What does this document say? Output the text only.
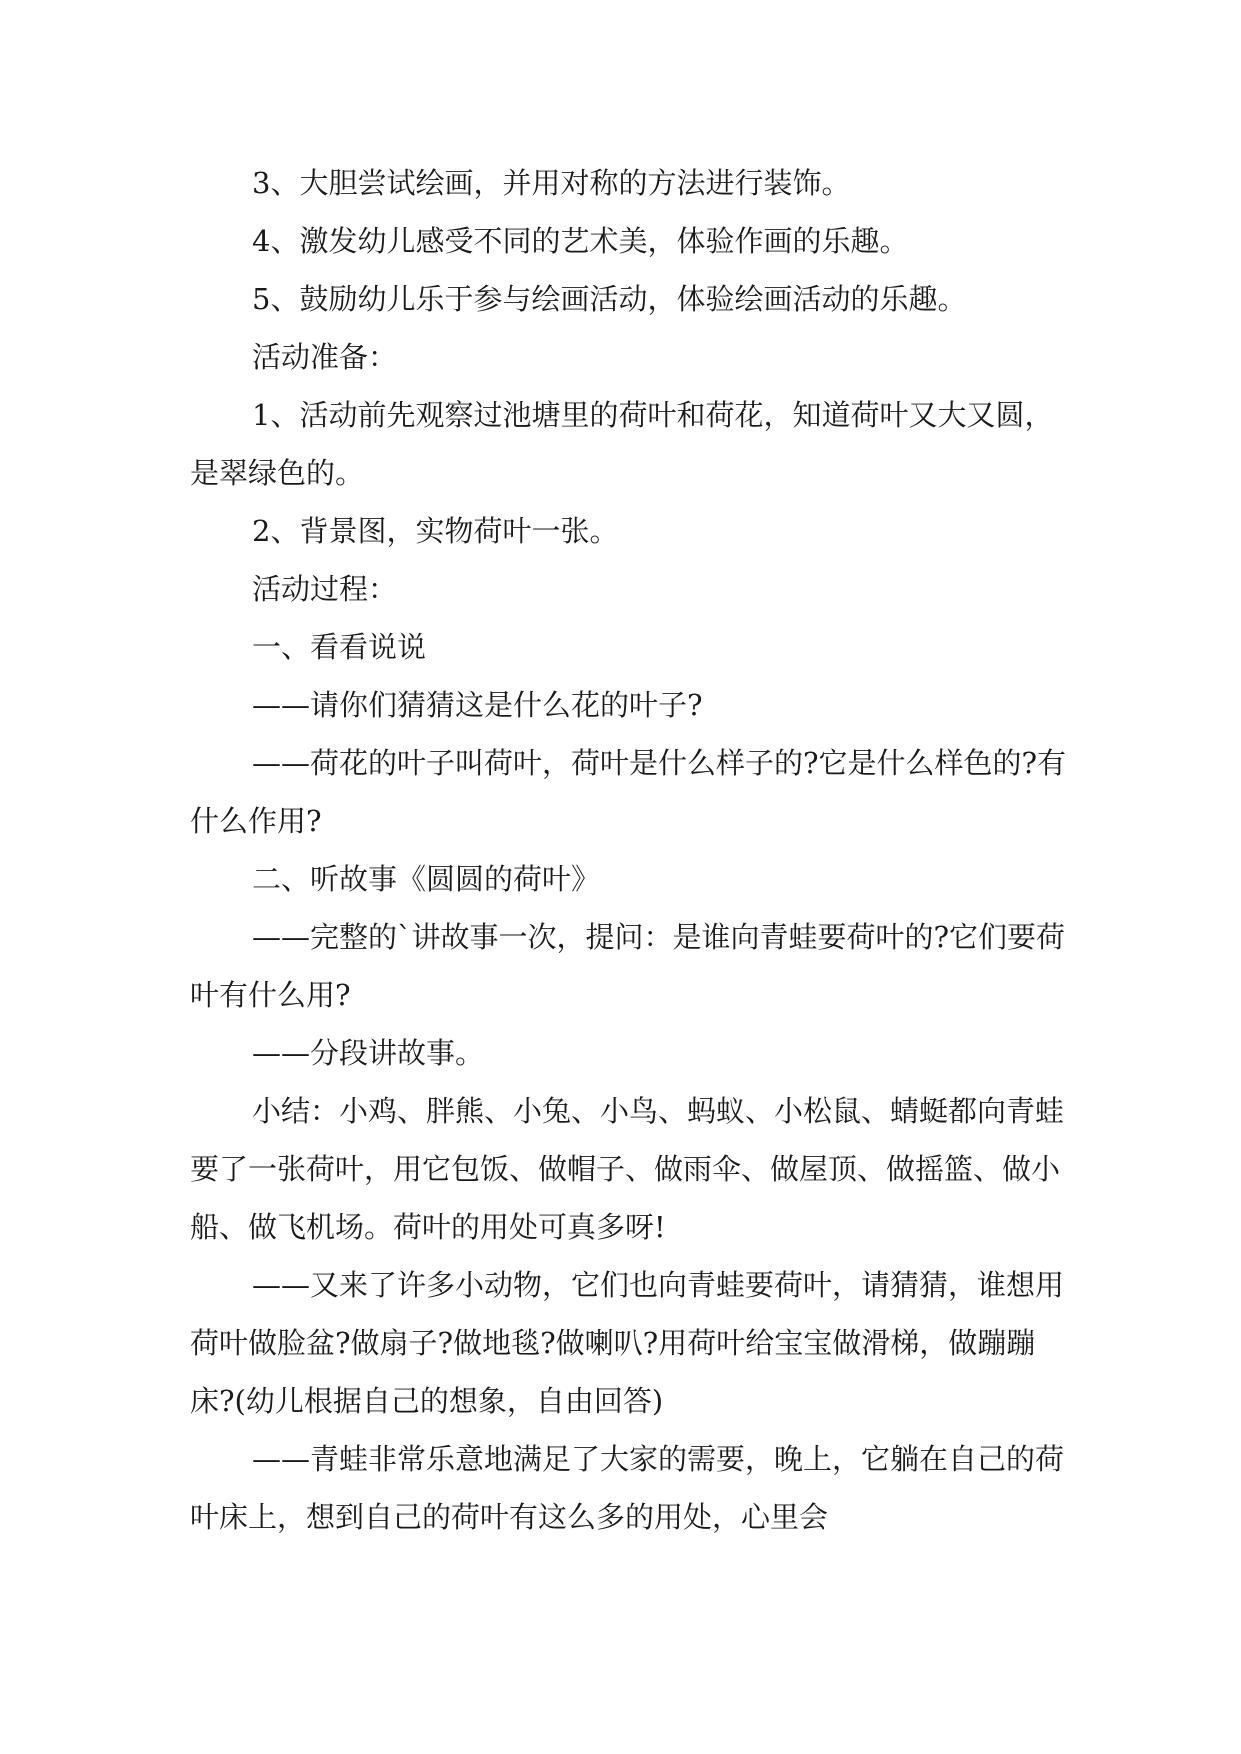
3、大胆尝试绘画，并用对称的方法进行装饰。

4、激发幼儿感受不同的艺术美，体验作画的乐趣。

5、鼓励幼儿乐于参与绘画活动，体验绘画活动的乐趣。

活动准备：

1、活动前先观察过池塘里的荷叶和荷花，知道荷叶又大又圆，是翠绿色的。

2、背景图，实物荷叶一张。

活动过程：

一、看看说说

——请你们猜猜这是什么花的叶子?

——荷花的叶子叫荷叶，荷叶是什么样子的?它是什么样色的?有什么作用?

二、听故事《圆圆的荷叶》

——完整的`讲故事一次，提问：是谁向青蛙要荷叶的?它们要荷叶有什么用?

——分段讲故事。

小结：小鸡、胖熊、小兔、小鸟、蚂蚁、小松鼠、蜻蜓都向青蛙要了一张荷叶，用它包饭、做帽子、做雨伞、做屋顶、做摇篮、做小船、做飞机场。荷叶的用处可真多呀!

——又来了许多小动物，它们也向青蛙要荷叶，请猜猜，谁想用荷叶做脸盆?做扇子?做地毯?做喇叭?用荷叶给宝宝做滑梯，做蹦蹦床?(幼儿根据自己的想象，自由回答)

——青蛙非常乐意地满足了大家的需要，晚上，它躺在自己的荷叶床上，想到自己的荷叶有这么多的用处，心里会
